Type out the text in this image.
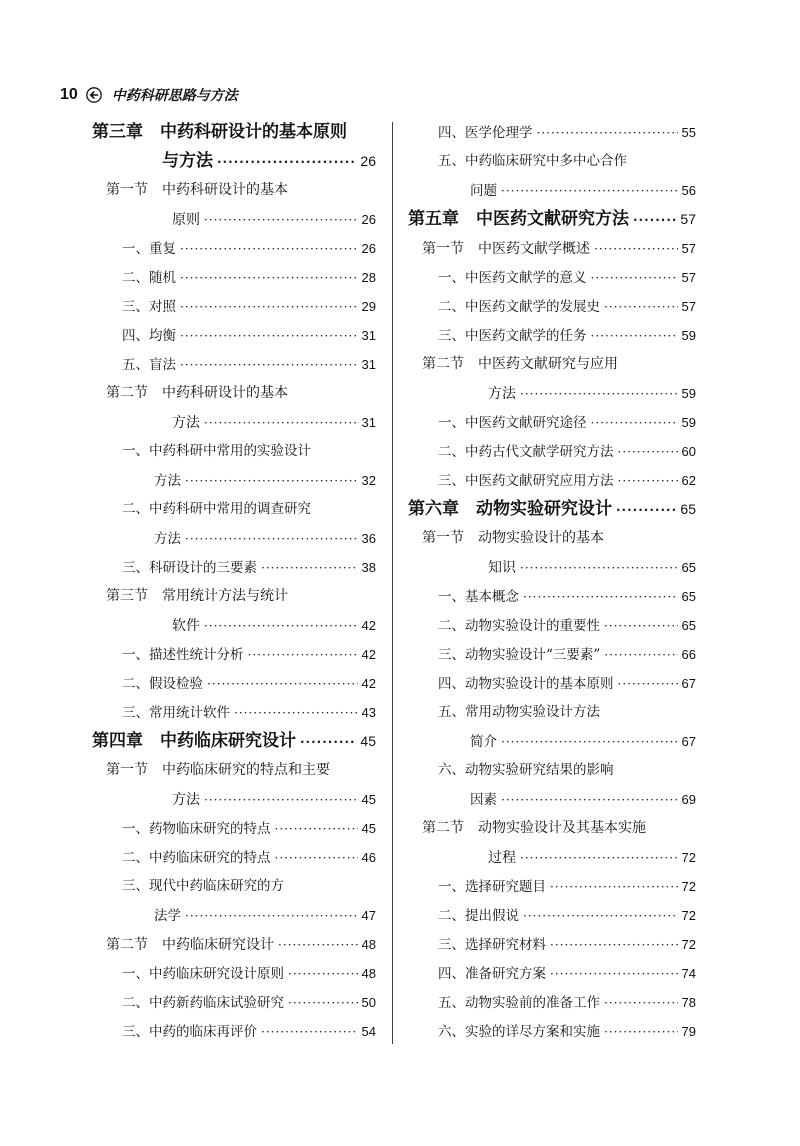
10 中药科研思路与方法
第三章　中药科研设计的基本原则
与方法 ·····	26
第一节　中药科研设计的基本
原则 ·····	26
一、重复 ·····	26
二、随机 ·····	28
三、对照 ·····	29
四、均衡 ·····	31
五、盲法 ·····	31
第二节　中药科研设计的基本
方法 ·····	31
一、中药科研中常用的实验设计
方法 ·····	32
二、中药科研中常用的调查研究
方法 ·····	36
三、科研设计的三要素 ·····	38
第三节　常用统计方法与统计
软件 ·····	42
一、描述性统计分析 ·····	42
二、假设检验 ·····	42
三、常用统计软件 ·····	43
第四章　中药临床研究设计 ·····	45
第一节　中药临床研究的特点和主要
方法 ·····	45
一、药物临床研究的特点 ·····	45
二、中药临床研究的特点 ·····	46
三、现代中药临床研究的方
法学 ·····	47
第二节　中药临床研究设计 ·····	48
一、中药临床研究设计原则 ·····	48
二、中药新药临床试验研究 ·····	50
三、中药的临床再评价 ·····	54
四、医学伦理学 ·····	55
五、中药临床研究中多中心合作
问题 ·····	56
第五章　中医药文献研究方法 ·····	57
第一节　中医药文献学概述 ·····	57
一、中医药文献学的意义 ·····	57
二、中医药文献学的发展史 ·····	57
三、中医药文献学的任务 ·····	59
第二节　中医药文献研究与应用
方法 ·····	59
一、中医药文献研究途径 ·····	59
二、中药古代文献学研究方法 ·····	60
三、中医药文献研究应用方法 ·····	62
第六章　动物实验研究设计 ·····	65
第一节　动物实验设计的基本
知识 ·····	65
一、基本概念 ·····	65
二、动物实验设计的重要性 ·····	65
三、动物实验设计“三要素” ·····	66
四、动物实验设计的基本原则 ·····	67
五、常用动物实验设计方法
简介 ·····	67
六、动物实验研究结果的影响
因素 ·····	69
第二节　动物实验设计及其基本实施
过程 ·····	72
一、选择研究题目 ·····	72
二、提出假说 ·····	72
三、选择研究材料 ·····	72
四、准备研究方案 ·····	74
五、动物实验前的准备工作 ·····	78
六、实验的详尽方案和实施 ·····	79
